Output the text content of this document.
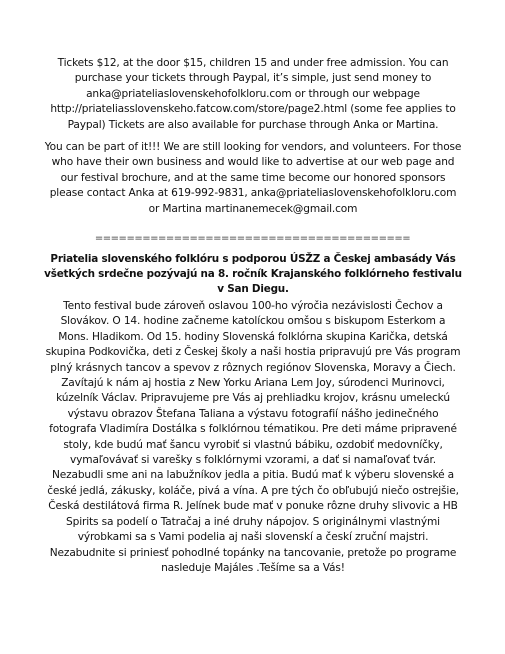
Tickets $12, at the door $15, children 15 and under free admission. You can purchase your tickets through Paypal, it’s simple, just send money to anka@priateliaslovenskehofolkloru.com or through our webpage http://priateliasslovenskeho.fatcow.com/store/page2.html (some fee applies to Paypal) Tickets are also available for purchase through Anka or Martina.

You can be part of it!!! We are still looking for vendors, and volunteers. For those who have their own business and would like to advertise at our web page and our festival brochure, and at the same time become our honored sponsors please contact Anka at 619-992-9831, anka@priateliaslovenskehofolkloru.com or Martina martinanemecek@gmail.com

========================================

Priatelia slovenského folklóru s podporou ÚSŽZ a Českej ambasády Vás všetkých srdečne pozývajú na 8. ročník Krajanského folklórneho festivalu v San Diegu.

Tento festival bude zároveň oslavou 100-ho výročia nezávislosti Čechov a Slovákov. O 14. hodine začneme katolíckou omšou s biskupom Esterkom a Mons. Hladikom. Od 15. hodiny Slovenská folklórna skupina Karička, detská skupina Podkovička, deti z Českej školy a naši hostia pripravujú pre Vás program plný krásnych tancov a spevov z rôznych regiónov Slovenska, Moravy a Čiech. Zavítajú k nám aj hostia z New Yorku Ariana Lem Joy, súrodenci Murinovci, kúzelník Václav. Pripravujeme pre Vás aj prehliadku krojov, krásnu umeleckú výstavu obrazov Štefana Taliana a výstavu fotografií nášho jedinečného fotografa Vladimíra Dostálka s folklórnou tématikou. Pre deti máme pripravené stoly, kde budú mať šancu vyrobiť si vlastnú bábiku, ozdobiť medovníčky, vymaľovávať si varešky s folklórnymi vzorami, a dať si namaľovať tvár. Nezabudli sme ani na labužníkov jedla a pitia. Budú mať k výberu slovenské a české jedlá, zákusky, koláče, pivá a vína. A pre tých čo obľubujú niečo ostrejšie, Česká destilátová firma R. Jelínek bude mať v ponuke rôzne druhy slivovic a HB Spirits sa podelí o Tatračaj a iné druhy nápojov. S originálnymi vlastnými výrobkami sa s Vami podelia aj naši slovenskí a českí zruční majstri. Nezabudnite si priniesť pohodlné topánky na tancovanie, pretože po programe nasleduje Majáles .Tešíme sa a Vás!
